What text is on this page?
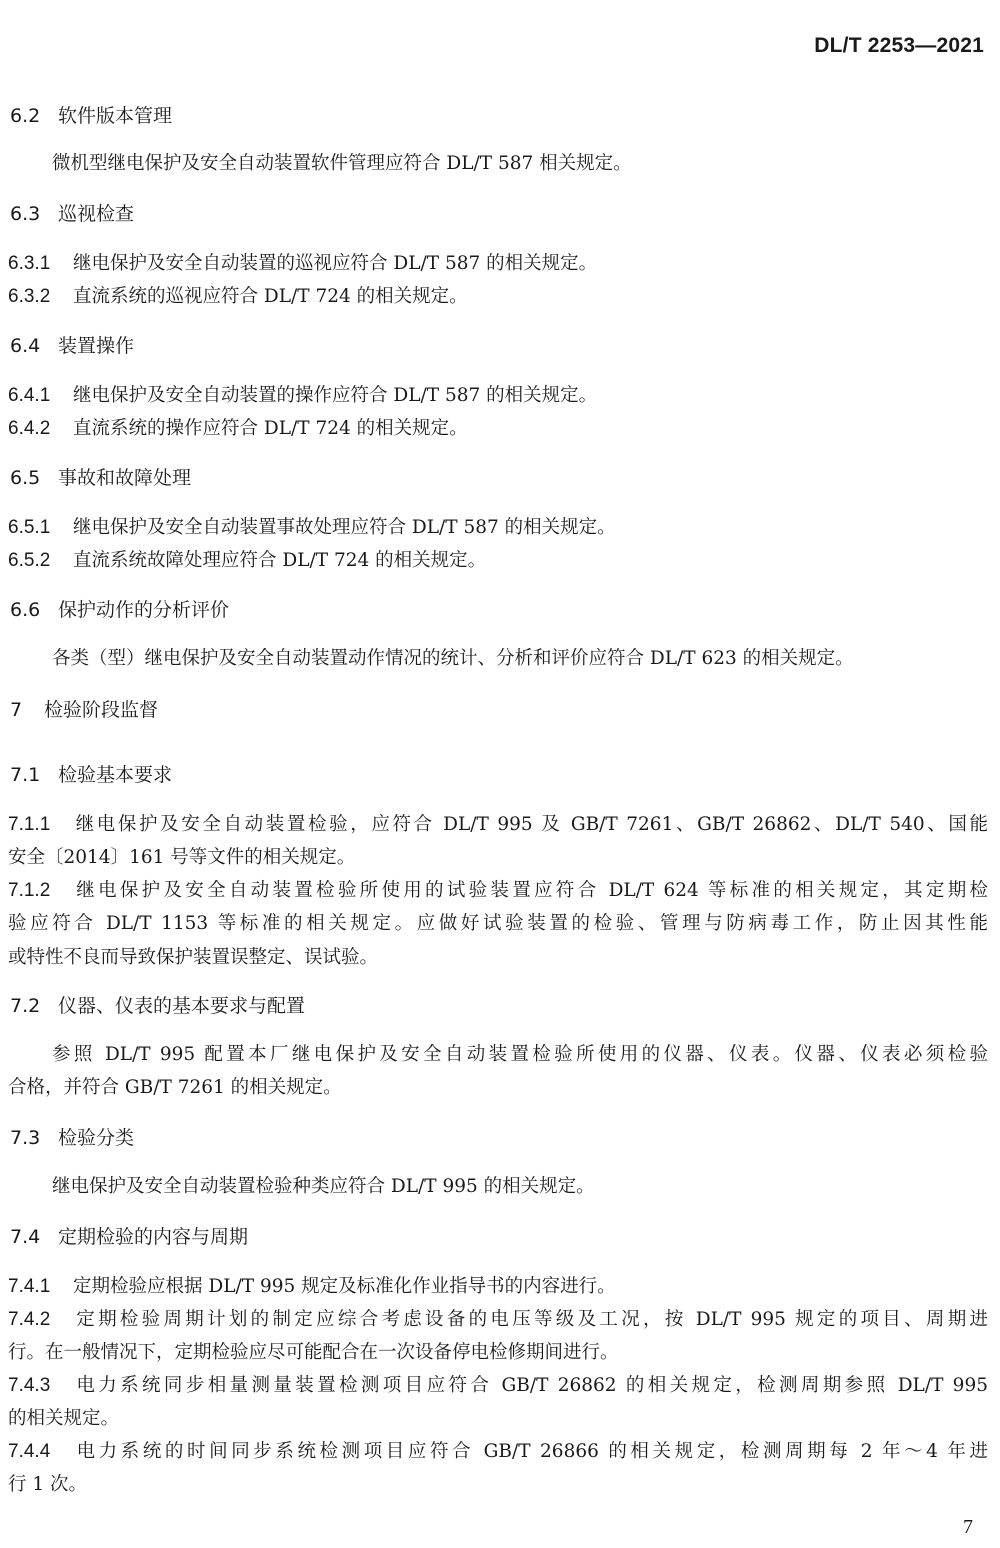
DL/T 2253—2021
6.2 软件版本管理
微机型继电保护及安全自动装置软件管理应符合 DL/T 587 相关规定。
6.3 巡视检查
6.3.1 继电保护及安全自动装置的巡视应符合 DL/T 587 的相关规定。
6.3.2 直流系统的巡视应符合 DL/T 724 的相关规定。
6.4 装置操作
6.4.1 继电保护及安全自动装置的操作应符合 DL/T 587 的相关规定。
6.4.2 直流系统的操作应符合 DL/T 724 的相关规定。
6.5 事故和故障处理
6.5.1 继电保护及安全自动装置事故处理应符合 DL/T 587 的相关规定。
6.5.2 直流系统故障处理应符合 DL/T 724 的相关规定。
6.6 保护动作的分析评价
各类（型）继电保护及安全自动装置动作情况的统计、分析和评价应符合 DL/T 623 的相关规定。
7 检验阶段监督
7.1 检验基本要求
7.1.1 继电保护及安全自动装置检验，应符合 DL/T 995 及 GB/T 7261、GB/T 26862、DL/T 540、国能
安全〔2014〕161 号等文件的相关规定。
7.1.2 继电保护及安全自动装置检验所使用的试验装置应符合 DL/T 624 等标准的相关规定，其定期检
验应符合 DL/T 1153 等标准的相关规定。应做好试验装置的检验、管理与防病毒工作，防止因其性能
或特性不良而导致保护装置误整定、误试验。
7.2 仪器、仪表的基本要求与配置
参照 DL/T 995 配置本厂继电保护及安全自动装置检验所使用的仪器、仪表。仪器、仪表必须检验
合格，并符合 GB/T 7261 的相关规定。
7.3 检验分类
继电保护及安全自动装置检验种类应符合 DL/T 995 的相关规定。
7.4 定期检验的内容与周期
7.4.1 定期检验应根据 DL/T 995 规定及标准化作业指导书的内容进行。
7.4.2 定期检验周期计划的制定应综合考虑设备的电压等级及工况，按 DL/T 995 规定的项目、周期进
行。在一般情况下，定期检验应尽可能配合在一次设备停电检修期间进行。
7.4.3 电力系统同步相量测量装置检测项目应符合 GB/T 26862 的相关规定，检测周期参照 DL/T 995
的相关规定。
7.4.4 电力系统的时间同步系统检测项目应符合 GB/T 26866 的相关规定，检测周期每 2 年～4 年进
行 1 次。
7
